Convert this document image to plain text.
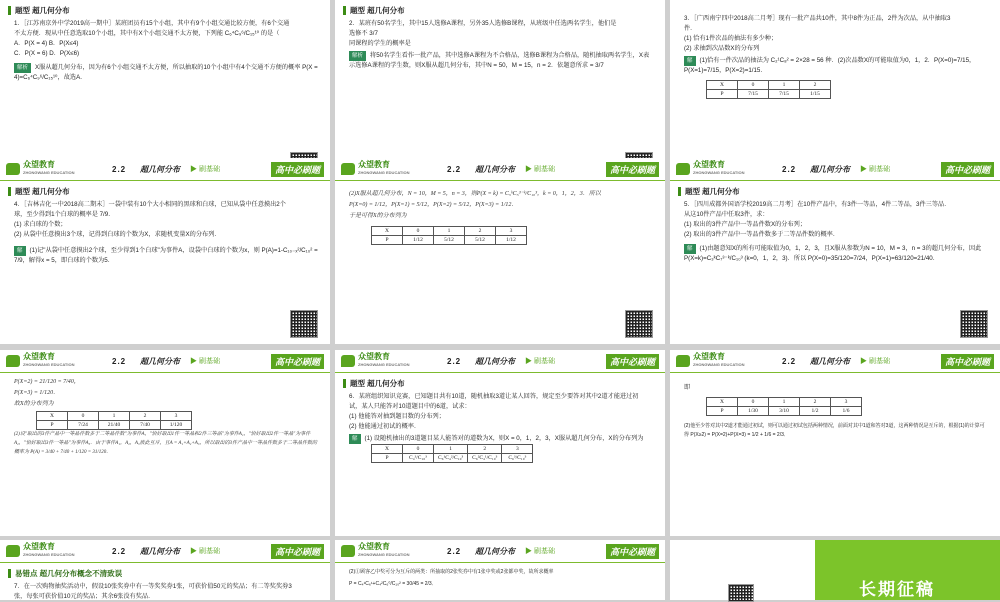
题型 超几何分布
1．［江苏南京外中学2019高一期中］某班团员有15个小组，其中有9个小组交通比较方便，有6个交通
不太方便．现从中任意选取10个小组，其中有X个小组交通不太方便，下列能 C₆⁴C₉⁶/C₁₅¹⁰ 的是（
A．P(X = 4) B．P(X≤4)
C．P(X = 6) D．P(X≤6)
解析 X服从超几何分布，因为有6个小组交通不太方便，所以抽取的10个小组中有4个交通不方便的概率 P(X = 4)=C₆⁴C₉⁶/C₁₅¹⁰，故选A.
题型 超几何分布
2．某班有50名学生，其中15人选修A课程，另外35人选修B课程，从班级中任选两名学生，他们是
选修不 3/7
同课程的学生的概率是
解析 将50名学生看作一批产品，其中选修A课程为不合格品，选修B课程为合格品，随机抽取两名学生，X表示选修A课程的学生数，则X服从超几何分布，其中N = 50，M = 15，n = 2．依题意所求 = 3/7
3．［广西南宁四中2018高二月考］现有一批产品共10件，其中8件为正品，2件为次品，从中抽取3
件．
(1) 恰有1件次品的抽法有多少种；
(2) 求抽到次品数X的分布列
解 (1)恰有一件次品的抽法为 C₂¹C₈² = 2×28 = 56 种．(2)次品数X的可能取值为0，1，2．P(X=0)=7/15，P(X=1)=7/15，P(X=2)=1/15．
X	0	1	2
P	7/15	7/15	1/15
众望教育
ZHONGWANG EDUCATION	2.2 超几何分布 ▶ 刷基础	高中必刷题
题型 超几何分布
4．［吉林吉化一中2018高二期末］一袋中装有10个大小相同的黑球和白球，已知从袋中任意摸出2个
球，至少得到1个白球的概率是 7/9．
(1) 求白球的个数；
(2) 从袋中任意摸出3个球，记得到白球的个数为X，求随机变量X的分布列．
解 (1)记"从袋中任意摸出2个球，至少得到1个白球"为事件A，设袋中白球的个数为x，则 P(A)=1-C₁₀₋ₓ²/C₁₀² = 7/9，解得x = 5，即白球的个数为5．
众望教育
ZHONGWANG EDUCATION	2.2 超几何分布 ▶ 刷基础	高中必刷题
(2)X服从超几何分布，N = 10，M = 5，n = 3，则P(X = k) = C₅ᵏC₅³⁻ᵏ/C₁₀³，k = 0，1，2，3．所以
P(X=0) = 1/12，P(X=1) = 5/12，P(X=2) = 5/12，P(X=3) = 1/12．
于是可得X的分布列为
X	0	1	2	3
P	1/12	5/12	5/12	1/12
众望教育
ZHONGWANG EDUCATION	2.2 超几何分布 ▶ 刷基础	高中必刷题
题型 超几何分布
5．［四川成都外国语学校2019高二月考］在10件产品中，有3件一等品，4件二等品，3件三等品．
从这10件产品中任取3件，求：
(1) 取出的3件产品中一等品件数X的分布列；
(2) 取出的3件产品中一等品件数多于二等品件数的概率．
解 (1)由题意知X的所有可能取值为0，1，2，3，且X服从参数为N = 10，M = 3，n = 3的超几何分布，因此 P(X=k)=C₃ᵏC₇³⁻ᵏ/C₁₀³ (k=0，1，2，3)．所以 P(X=0)=35/120=7/24，P(X=1)=63/120=21/40．
众望教育
ZHONGWANG EDUCATION	2.2 超几何分布 ▶ 刷基础	高中必刷题
P(X=2) = 21/120 = 7/40，
P(X=3) = 1/120．
故X的分布列为
X	0	1	2	3
P	7/24	21/40	7/40	1/120
(2)设"取出的3件产品中一等品件数多于二等品件数"为事件A，"恰好取出1件一等品和2件三等品"为事件A₁，"恰好取出2件一等品"为事件A₂，"恰好取出3件一等品"为事件A₃．由于事件A₁，A₂，A₃彼此互斥，且A = A₁+A₂+A₃，所以取出的3件产品中一等品件数多于二等品件数的概率为 P(A) = 3/40 + 7/40 + 1/120 = 31/120．
众望教育
ZHONGWANG EDUCATION	2.2 超几何分布 ▶ 刷基础	高中必刷题
题型 超几何分布
6．某班组织知识竞赛，已知题目共有10道，随机抽取3道让某人回答，规定至少要答对其中2道才能进过初
试，某人只能答对10道题目中的6道，试求：
(1) 他能答对抽到题目数的分布列；
(2) 他能通过初试的概率．
解 (1) 设随机抽出的3道题目某人能答对的道数为X，则X = 0，1，2，3，X服从超几何分布，X的分布列为
X	0	1	2	3
P	C₄³/C₁₀³	C₆¹C₄²/C₁₀³	C₆²C₄¹/C₁₀³	C₆³/C₁₀³
众望教育
ZHONGWANG EDUCATION	2.2 超几何分布 ▶ 刷基础	高中必刷题
即
X	0	1	2	3
P	1/30	3/10	1/2	1/6
(2)他至少答对其中2道才能通过初试，则可以通过初试包括两种情况，前面对其中1道和答对3道，这两种情况是互斥的，根据(1)的计算可得 P(X≥2) = P(X=2)+P(X=3) = 1/2 + 1/6 = 2/3．
众望教育
ZHONGWANG EDUCATION	2.2 超几何分布 ▶ 刷基础	高中必刷题
易错点 超几何分布概念不清致误
7．在一次购物抽奖活动中，假设10张奖券中有一等奖奖券1张，可获价值50元的奖品；有二等奖奖券3
张，每张可获价值10元的奖品；其余6张没有奖品．
众望教育
ZHONGWANG EDUCATION	2.2 超几何分布 ▶ 刷基础	高中必刷题
(2)①顾客乙中奖可分为互斥的两类：所抽取的2张奖券中有1张中奖或2张都中奖，故所求概率
P = C₄¹C₆¹+C₄²C₆⁰/C₁₀² = 30/45 = 2/3．	长期征稿
